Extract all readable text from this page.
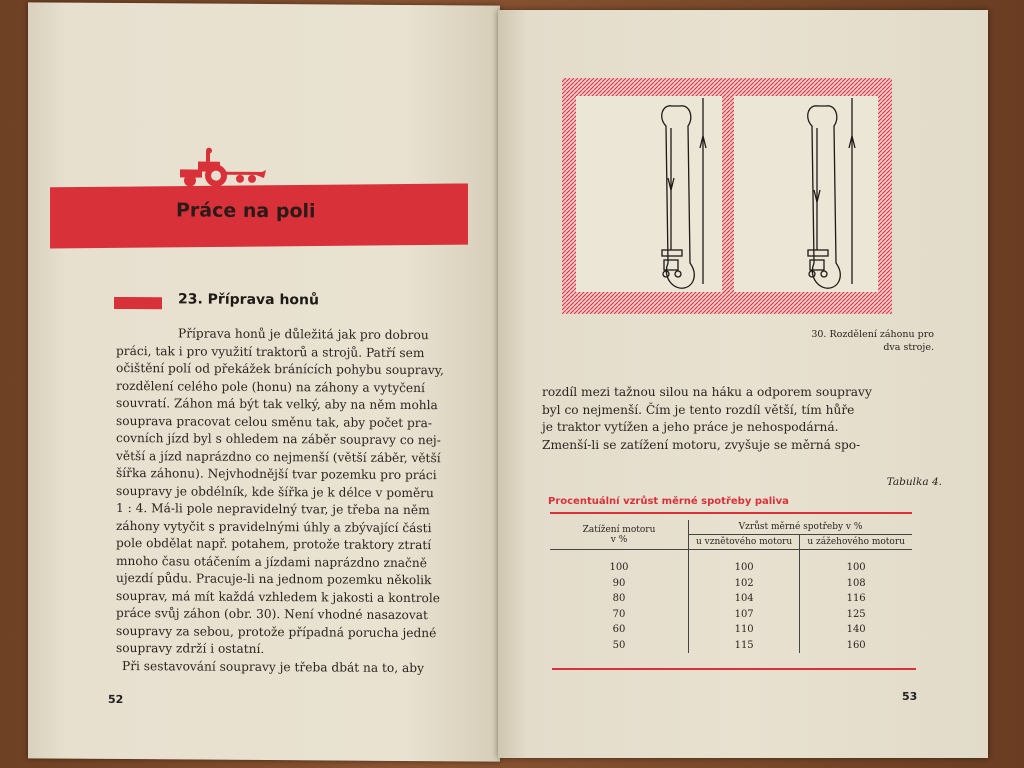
Práce na poli
23. Příprava honů
Příprava honů je důležitá jak pro dobrou
práci, tak i pro využití traktorů a strojů. Patří sem
očištění polí od překážek bránících pohybu soupravy,
rozdělení celého pole (honu) na záhony a vytyčení
souvratí. Záhon má být tak velký, aby na něm mohla
souprava pracovat celou směnu tak, aby počet pra-
covních jízd byl s ohledem na záběr soupravy co nej-
větší a jízd naprázdno co nejmenší (větší záběr, větší
šířka záhonu). Nejvhodnější tvar pozemku pro práci
soupravy je obdélník, kde šířka je k délce v poměru
1 : 4. Má-li pole nepravidelný tvar, je třeba na něm
záhony vytyčit s pravidelnými úhly a zbývající části
pole obdělat např. potahem, protože traktory ztratí
mnoho času otáčením a jízdami naprázdno značně
ujezdí půdu. Pracuje-li na jednom pozemku několik
souprav, má mít každá vzhledem k jakosti a kontrole
práce svůj záhon (obr. 30). Není vhodné nasazovat
soupravy za sebou, protože případná porucha jedné
soupravy zdrží i ostatní.
Při sestavování soupravy je třeba dbát na to, aby
52
30. Rozdělení záhonu pro
dva stroje.
rozdíl mezi tažnou silou na háku a odporem soupravy
byl co nejmenší. Čím je tento rozdíl větší, tím hůře
je traktor vytížen a jeho práce je nehospodárná.
Zmenší-li se zatížení motoru, zvyšuje se měrná spo-
Tabulka 4.
Procentuální vzrůst měrné spotřeby paliva
Zatížení motoru
v %	Vzrůst měrné spotřeby v %	
	u vznětového motoru	u zážehového motoru
100	100	100
90	102	108
80	104	116
70	107	125
60	110	140
50	115	160
53
